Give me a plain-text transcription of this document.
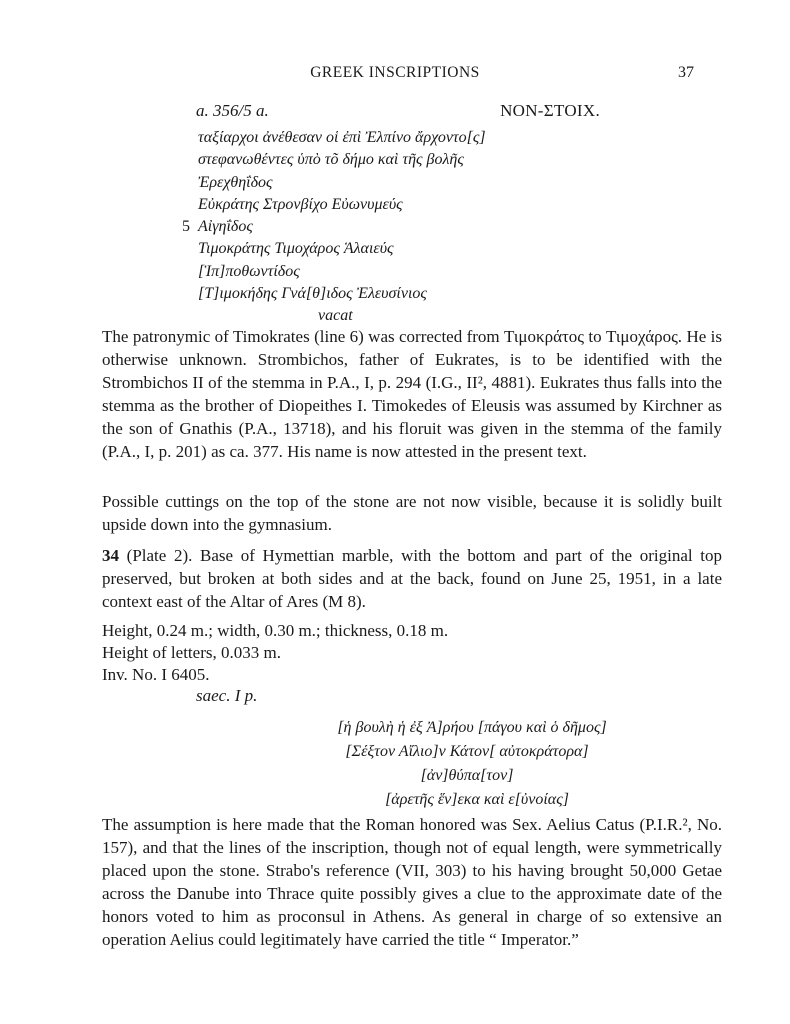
GREEK INSCRIPTIONS	37
a. 356/5 a.	NON-ΣΤΟΙΧ.
ταξίαρχοι ἀνέθεσαν οἱ ἐπὶ Ἐλπίνο ἄρχοντο[ς]
στεφανωθέντες ὑπὸ τõ δήμο καὶ τῆς βολῆς
Ἐρεχθηΐδος
Εὐκράτης Στρονβίχο Εὐωνυμεύς
5 Αἰγηΐδος
Τιμοκράτης Τιμοχάρος Ἁλαιεύς
[Ἱπ]ποθωντίδος
[Τ]ιμοκήδης Γνά[θ]ιδος Ἐλευσίνιος
vacat

The patronymic of Timokrates (line 6) was corrected from Τιμοκράτος to Τιμοχάρος. He is otherwise unknown. Strombichos, father of Eukrates, is to be identified with the Strombichos II of the stemma in P.A., I, p. 294 (I.G., II², 4881). Eukrates thus falls into the stemma as the brother of Diopeithes I. Timokedes of Eleusis was assumed by Kirchner as the son of Gnathis (P.A., 13718), and his floruit was given in the stemma of the family (P.A., I, p. 201) as ca. 377. His name is now attested in the present text.

Possible cuttings on the top of the stone are not now visible, because it is solidly built upside down into the gymnasium.

34 (Plate 2). Base of Hymettian marble, with the bottom and part of the original top preserved, but broken at both sides and at the back, found on June 25, 1951, in a late context east of the Altar of Ares (M 8).

Height, 0.24 m.; width, 0.30 m.; thickness, 0.18 m.
Height of letters, 0.033 m.
Inv. No. I 6405.
saec. I p.
[ἡ βουλὴ ἡ ἐξ Ἀ]ρήου [πάγου καὶ ὁ δῆμος]
[Σέξτον Αἴλιο]ν Κάτον[ αὐτοκράτορα]
[ἀν]θύπα[τον]
[ἀρετῆς ἕν]εκα καὶ ε[ὐνοίας]

The assumption is here made that the Roman honored was Sex. Aelius Catus (P.I.R.², No. 157), and that the lines of the inscription, though not of equal length, were symmetrically placed upon the stone. Strabo's reference (VII, 303) to his having brought 50,000 Getae across the Danube into Thrace quite possibly gives a clue to the approximate date of the honors voted to him as proconsul in Athens. As general in charge of so extensive an operation Aelius could legitimately have carried the title “ Imperator.”
